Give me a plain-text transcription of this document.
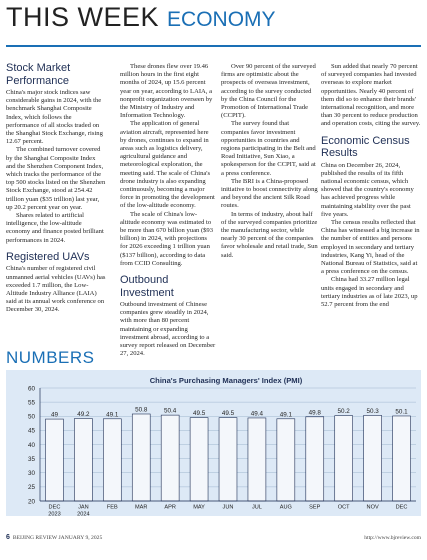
THIS WEEK ECONOMY
Stock Market Performance

China's major stock indices saw considerable gains in 2024, with the benchmark Shanghai Composite Index, which follows the performance of all stocks traded on the Shanghai Stock Exchange, rising 12.67 percent.

The combined turnover covered by the Shanghai Composite Index and the Shenzhen Component Index, which tracks the performance of the top 500 stocks listed on the Shenzhen Stock Exchange, stood at 254.42 trillion yuan ($35 trillion) last year, up 20.2 percent year on year.

Shares related to artificial intelligence, the low-altitude economy and finance posted brilliant performances in 2024.

Registered UAVs

China's number of registered civil unmanned aerial vehicles (UAVs) has exceeded 1.7 million, the Low-Altitude Industry Alliance (LAIA) said at its annual work conference on December 30, 2024.

These drones flew over 19.46 million hours in the first eight months of 2024, up 15.6 percent year on year, according to LAIA, a nonprofit organization overseen by the Ministry of Industry and Information Technology.

The application of general aviation aircraft, represented here by drones, continues to expand in areas such as logistics delivery, agricultural guidance and meteorological exploration, the meeting said. The scale of China's drone industry is also expanding continuously, becoming a major force in promoting the development of the low-altitude economy.

The scale of China's low-altitude economy was estimated to be more than 670 billion yuan ($93 billion) in 2024, with projections for 2026 exceeding 1 trillion yuan ($137 billion), according to data from CCID Consulting.

Outbound Investment

Outbound investment of Chinese companies grew steadily in 2024, with more than 80 percent maintaining or expanding investment abroad, according to a survey report released on December 27, 2024.

Over 90 percent of the surveyed firms are optimistic about the prospects of overseas investment, according to the survey conducted by the China Council for the Promotion of International Trade (CCPIT).

The survey found that companies favor investment opportunities in countries and regions participating in the Belt and Road Initiative, Sun Xiao, a spokesperson for the CCPIT, said at a press conference.

The BRI is a China-proposed initiative to boost connectivity along and beyond the ancient Silk Road routes.

In terms of industry, about half of the surveyed companies prioritize the manufacturing sector, while nearly 30 percent of the companies favor wholesale and retail trade, Sun said.

Sun added that nearly 70 percent of surveyed companies had invested overseas to explore market opportunities. Nearly 40 percent of them did so to enhance their brands' international recognition, and more than 30 percent to reduce production and operation costs, citing the survey.

Economic Census Results

China on December 26, 2024, published the results of its fifth national economic census, which showed that the country's economy has achieved progress while maintaining stability over the past five years.

The census results reflected that China has witnessed a big increase in the number of entities and persons employed in secondary and tertiary industries, Kang Yi, head of the National Bureau of Statistics, said at a press conference on the census.

China had 33.27 million legal units engaged in secondary and tertiary industries as of late 2023, up 52.7 percent from the end

NUMBERS
China's Purchasing Managers' Index (PMI)
20
25
30
35
40
45
50
55
60
49
DEC
2023
49.2
JAN
2024
49.1
FEB
50.8
MAR
50.4
APR
49.5
MAY
49.5
JUN
49.4
JUL
49.1
AUG
49.8
SEP
50.2
OCT
50.3
NOV
50.1
DEC
6 BEIJING REVIEW JANUARY 9, 2025	http://www.bjreview.com
